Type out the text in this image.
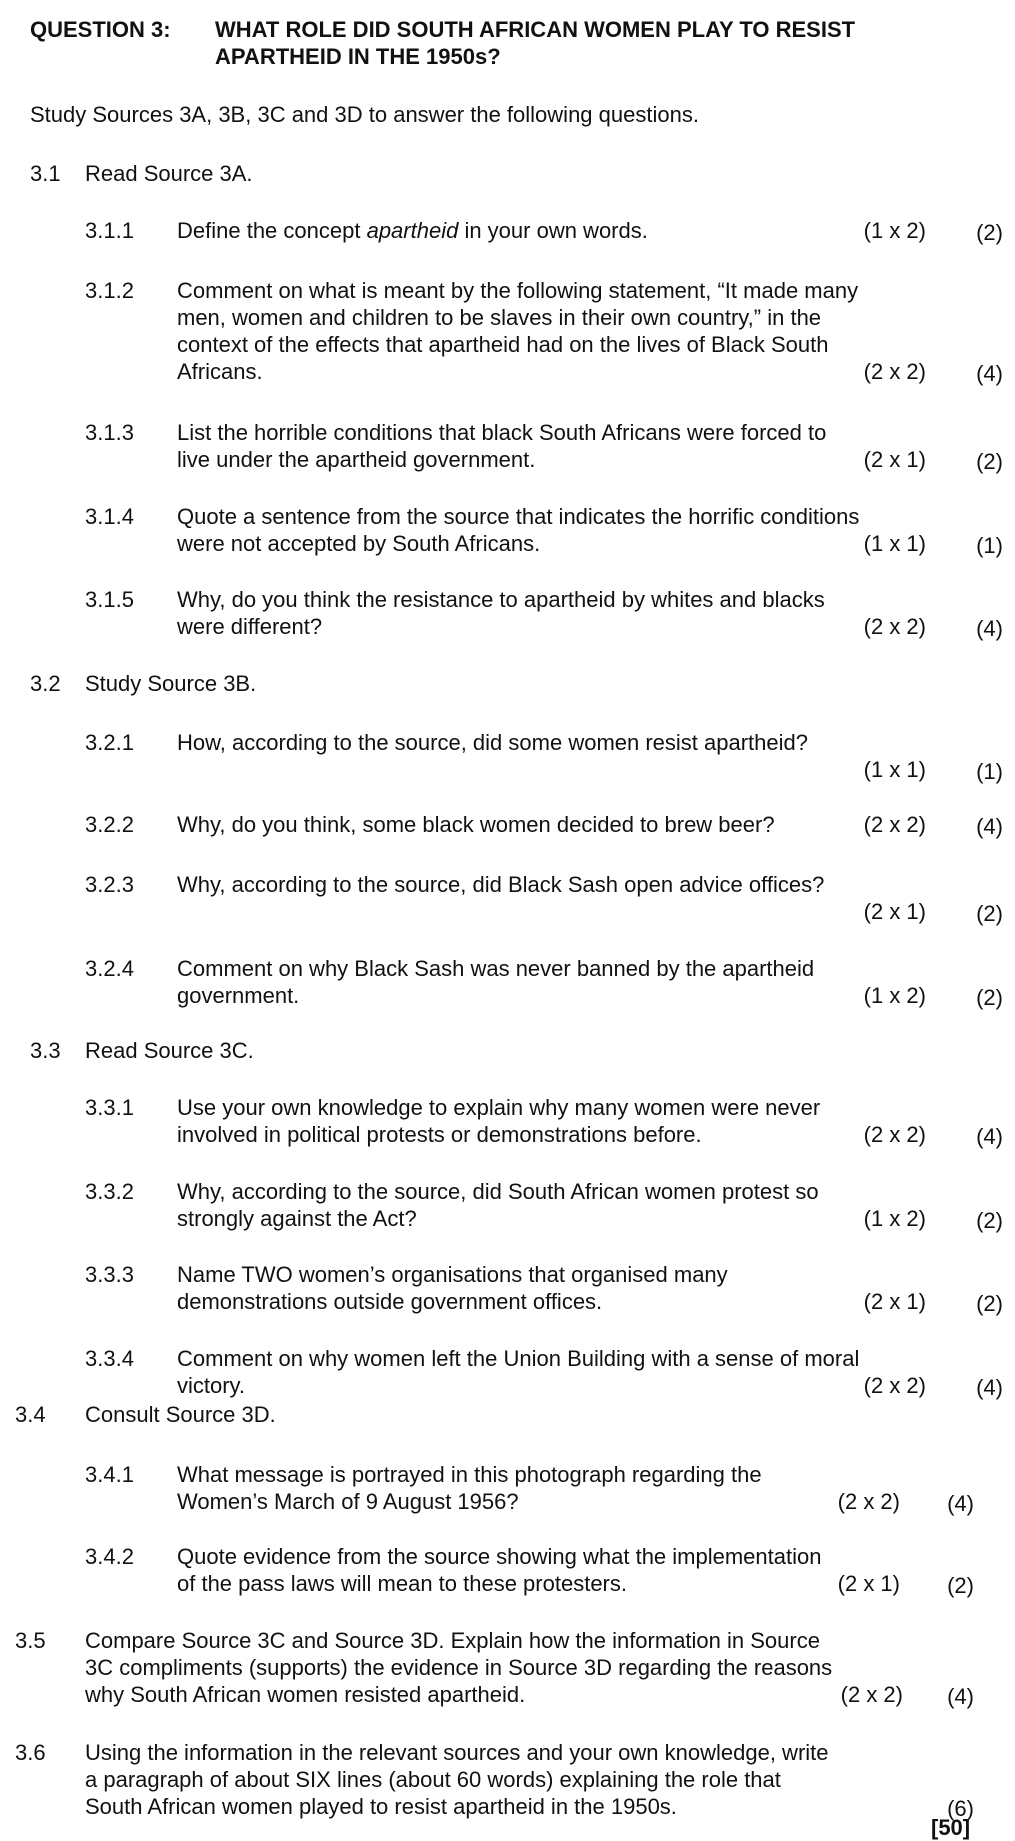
QUESTION 3: WHAT ROLE DID SOUTH AFRICAN WOMEN PLAY TO RESIST
APARTHEID IN THE 1950s?
Study Sources 3A, 3B, 3C and 3D to answer the following questions.
3.1 Read Source 3A.
3.1.1 Define the concept apartheid in your own words.	(1 x 2)	(2)
3.1.2 Comment on what is meant by the following statement, “It made many
men, women and children to be slaves in their own country,” in the
context of the effects that apartheid had on the lives of Black South
Africans.	(2 x 2)	(4)
3.1.3 List the horrible conditions that black South Africans were forced to
live under the apartheid government.	(2 x 1)	(2)
3.1.4 Quote a sentence from the source that indicates the horrific conditions
were not accepted by South Africans.	(1 x 1)	(1)
3.1.5 Why, do you think the resistance to apartheid by whites and blacks
were different?	(2 x 2)	(4)
3.2 Study Source 3B.
3.2.1 How, according to the source, did some women resist apartheid?
(1 x 1)	(1)
3.2.2 Why, do you think, some black women decided to brew beer?	(2 x 2)	(4)
3.2.3 Why, according to the source, did Black Sash open advice offices?
(2 x 1)	(2)
3.2.4 Comment on why Black Sash was never banned by the apartheid
government.	(1 x 2)	(2)
3.3 Read Source 3C.
3.3.1 Use your own knowledge to explain why many women were never
involved in political protests or demonstrations before.	(2 x 2)	(4)
3.3.2 Why, according to the source, did South African women protest so
strongly against the Act?	(1 x 2)	(2)
3.3.3 Name TWO women’s organisations that organised many
demonstrations outside government offices.	(2 x 1)	(2)
3.3.4 Comment on why women left the Union Building with a sense of moral
victory.	(2 x 2)	(4)
3.4 Consult Source 3D.
3.4.1 What message is portrayed in this photograph regarding the
Women’s March of 9 August 1956?	(2 x 2)	(4)
3.4.2 Quote evidence from the source showing what the implementation
of the pass laws will mean to these protesters.	(2 x 1)	(2)
3.5 Compare Source 3C and Source 3D. Explain how the information in Source
3C compliments (supports) the evidence in Source 3D regarding the reasons
why South African women resisted apartheid.	(2 x 2)	(4)
3.6 Using the information in the relevant sources and your own knowledge, write
a paragraph of about SIX lines (about 60 words) explaining the role that
South African women played to resist apartheid in the 1950s.	(6)
[50]
